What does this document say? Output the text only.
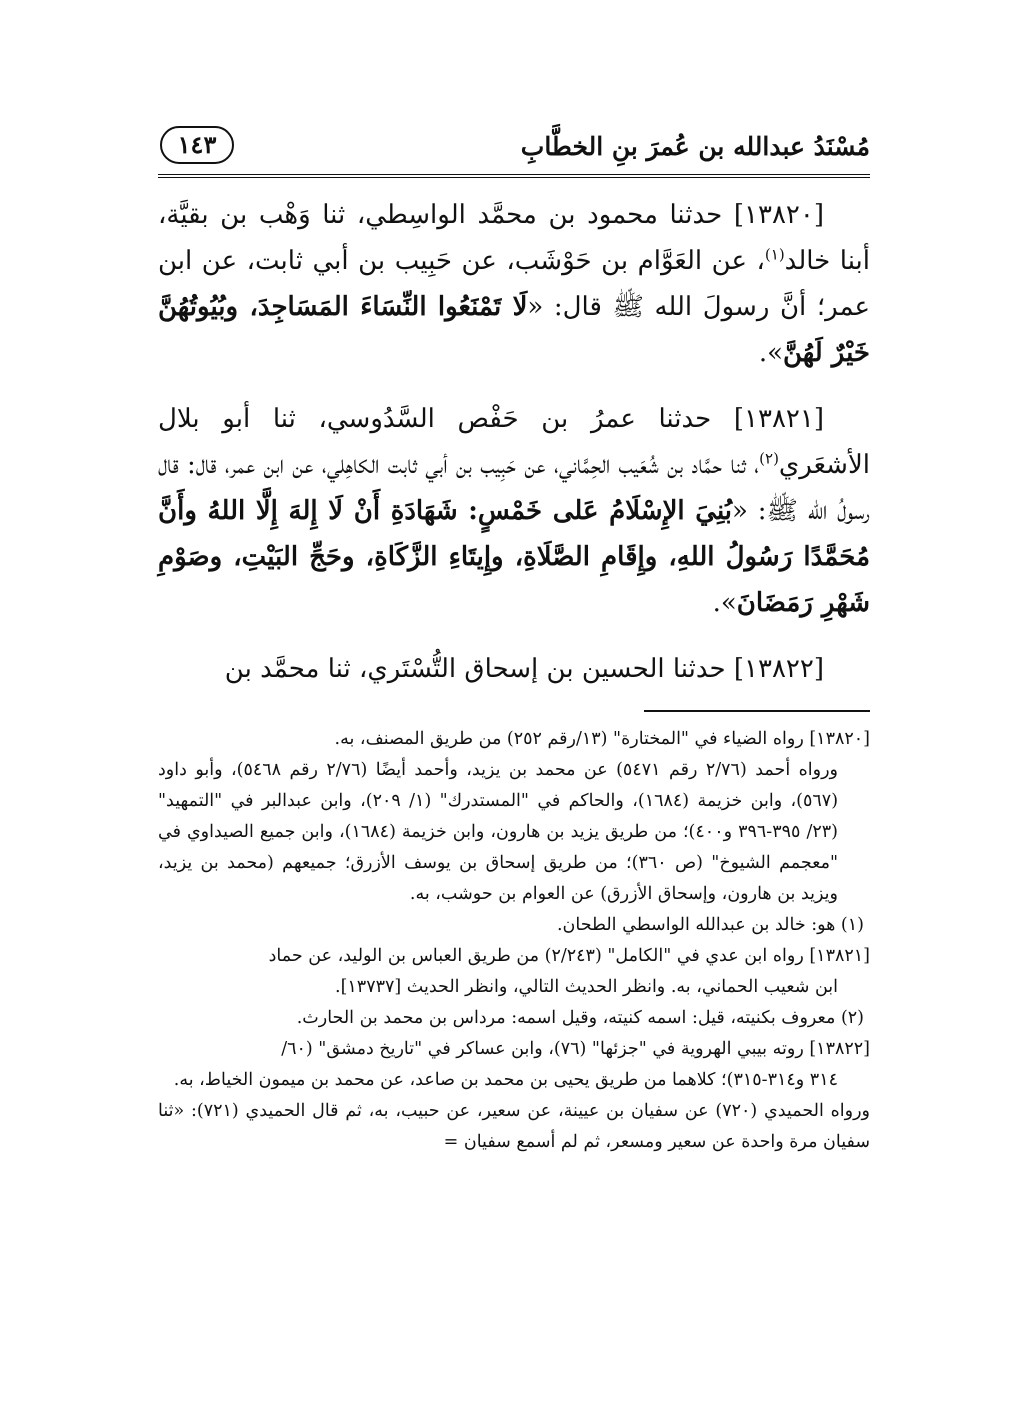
مُسْنَدُ عبدالله بن عُمرَ بنِ الخطَّابِ
١٤٣

[١٣٨٢٠] حدثنا محمود بن محمَّد الواسِطي، ثنا وَهْب بن بقيَّة، أبنا خالد$^{(١)}$، عن العَوَّام بن حَوْشَب، عن حَبِيب بن أبي ثابت، عن ابن عمر؛ أنَّ رسولَ الله ﷺ قال: «لَا تَمْنَعُوا النِّسَاءَ المَسَاجِدَ، وبُيُوتُهُنَّ خَيْرٌ لَهُنَّ».

[١٣٨٢١] حدثنا عمرُ بن حَفْص السَّدُوسي، ثنا أبو بلال الأشعَري$^{(٢)}$، ثنا حمَّاد بن شُعَيب الحِمَّاني، عن حَبِيب بن أبي ثابت الكاهِلي، عن ابن عمر، قال: قال رسولُ الله ﷺ: «بُنِيَ الإِسْلَامُ عَلى خَمْسٍ: شَهَادَةِ أَنْ لَا إِلهَ إِلَّا اللهُ وأَنَّ مُحَمَّدًا رَسُولُ اللهِ، وإِقَامِ الصَّلَاةِ، وإِيتَاءِ الزَّكَاةِ، وحَجِّ البَيْتِ، وصَوْمِ شَهْرِ رَمَضَانَ».

[١٣٨٢٢] حدثنا الحسين بن إسحاق التُّسْتَري، ثنا محمَّد بن

[١٣٨٢٠] رواه الضياء في "المختارة" (١٣/رقم ٢٥٢) من طريق المصنف، به.

ورواه أحمد (٢/٧٦ رقم ٥٤٧١) عن محمد بن يزيد، وأحمد أيضًا (٢/٧٦ رقم ٥٤٦٨)، وأبو داود (٥٦٧)، وابن خزيمة (١٦٨٤)، والحاكم في "المستدرك" (١/ ٢٠٩)، وابن عبدالبر في "التمهيد" (٢٣/ ٣٩٥-٣٩٦ و٤٠٠)؛ من طريق يزيد بن هارون، وابن خزيمة (١٦٨٤)، وابن جميع الصيداوي في "معجمم الشيوخ" (ص ٣٦٠)؛ من طريق إسحاق بن يوسف الأزرق؛ جميعهم (محمد بن يزيد، ويزيد بن هارون، وإسحاق الأزرق) عن العوام بن حوشب، به.

(١) هو: خالد بن عبدالله الواسطي الطحان.

[١٣٨٢١] رواه ابن عدي في "الكامل" (٢/٢٤٣) من طريق العباس بن الوليد، عن حماد

ابن شعيب الحماني، به. وانظر الحديث التالي، وانظر الحديث [١٣٧٣٧].

(٢) معروف بكنيته، قيل: اسمه كنيته، وقيل اسمه: مرداس بن محمد بن الحارث.

[١٣٨٢٢] روته بيبي الهروية في "جزئها" (٧٦)، وابن عساكر في "تاريخ دمشق" (٦٠/

٣١٤ و٣١٤-٣١٥)؛ كلاهما من طريق يحيى بن محمد بن صاعد، عن محمد بن ميمون الخياط، به.

ورواه الحميدي (٧٢٠) عن سفيان بن عيينة، عن سعير، عن حبيب، به، ثم قال الحميدي (٧٢١): «ثنا سفيان مرة واحدة عن سعير ومسعر، ثم لم أسمع سفيان =
